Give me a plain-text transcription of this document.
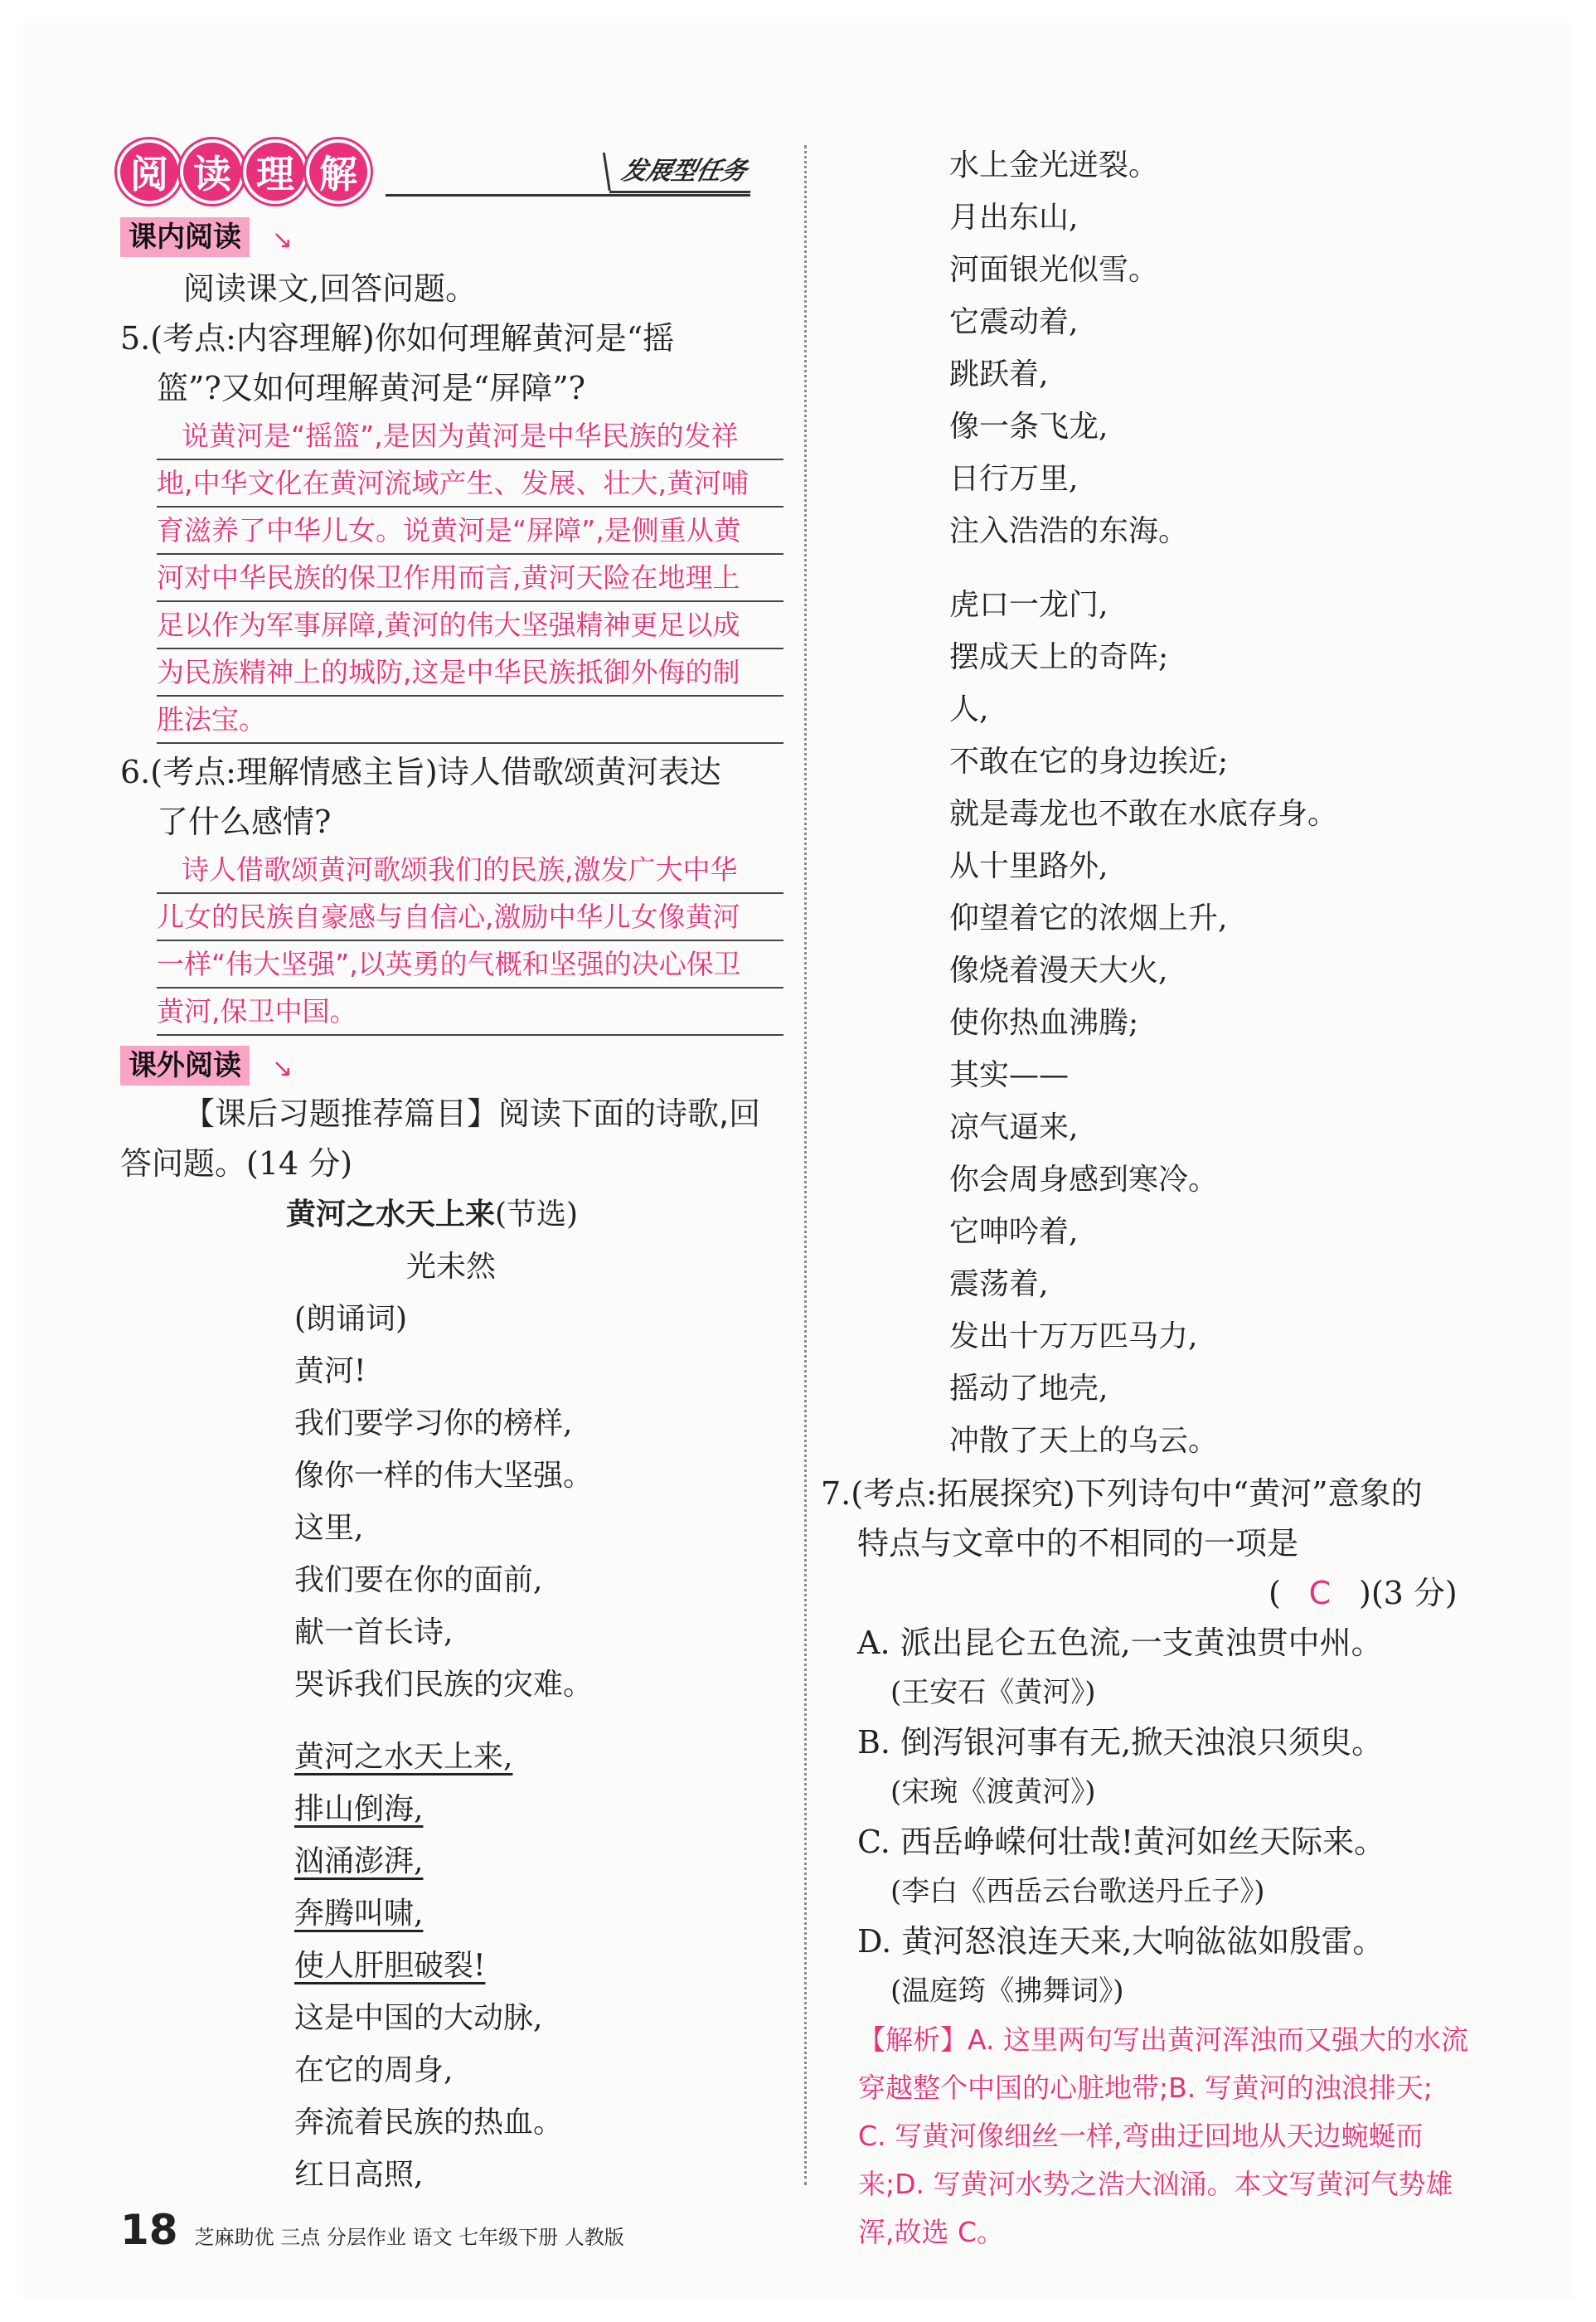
阅 读 理 解	发展型任务
课内阅读 ↘
阅读课文,回答问题。
5.(考点:内容理解)你如何理解黄河是“摇
篮”?又如何理解黄河是“屏障”?
说黄河是“摇篮”,是因为黄河是中华民族的发祥
地,中华文化在黄河流域产生、发展、壮大,黄河哺
育滋养了中华儿女。说黄河是“屏障”,是侧重从黄
河对中华民族的保卫作用而言,黄河天险在地理上
足以作为军事屏障,黄河的伟大坚强精神更足以成
为民族精神上的城防,这是中华民族抵御外侮的制
胜法宝。
6.(考点:理解情感主旨)诗人借歌颂黄河表达
了什么感情?
诗人借歌颂黄河歌颂我们的民族,激发广大中华
儿女的民族自豪感与自信心,激励中华儿女像黄河
一样“伟大坚强”,以英勇的气概和坚强的决心保卫
黄河,保卫中国。
课外阅读 ↘
【课后习题推荐篇目】阅读下面的诗歌,回
答问题。(14 分)
黄河之水天上来(节选)
光未然
(朗诵词)
黄河!
我们要学习你的榜样,
像你一样的伟大坚强。
这里,
我们要在你的面前,
献一首长诗,
哭诉我们民族的灾难。
黄河之水天上来,
排山倒海,
汹涌澎湃,
奔腾叫啸,
使人肝胆破裂!
这是中国的大动脉,
在它的周身,
奔流着民族的热血。
红日高照,
水上金光迸裂。
月出东山,
河面银光似雪。
它震动着,
跳跃着,
像一条飞龙,
日行万里,
注入浩浩的东海。
虎口一龙门,
摆成天上的奇阵;
人,
不敢在它的身边挨近;
就是毒龙也不敢在水底存身。
从十里路外,
仰望着它的浓烟上升,
像烧着漫天大火,
使你热血沸腾;
其实——
凉气逼来,
你会周身感到寒冷。
它呻吟着,
震荡着,
发出十万万匹马力,
摇动了地壳,
冲散了天上的乌云。
7.(考点:拓展探究)下列诗句中“黄河”意象的
特点与文章中的不相同的一项是
( C )(3 分)
A. 派出昆仑五色流,一支黄浊贯中州。
(王安石《黄河》)
B. 倒泻银河事有无,掀天浊浪只须臾。
(宋琬《渡黄河》)
C. 西岳峥嵘何壮哉!黄河如丝天际来。
(李白《西岳云台歌送丹丘子》)
D. 黄河怒浪连天来,大响谹谹如殷雷。
(温庭筠《拂舞词》)
【解析】A. 这里两句写出黄河浑浊而又强大的水流
穿越整个中国的心脏地带;B. 写黄河的浊浪排天;
C. 写黄河像细丝一样,弯曲迂回地从天边蜿蜒而
来;D. 写黄河水势之浩大汹涌。本文写黄河气势雄
浑,故选 C。
18 芝麻助优 三点 分层作业 语文 七年级下册 人教版
